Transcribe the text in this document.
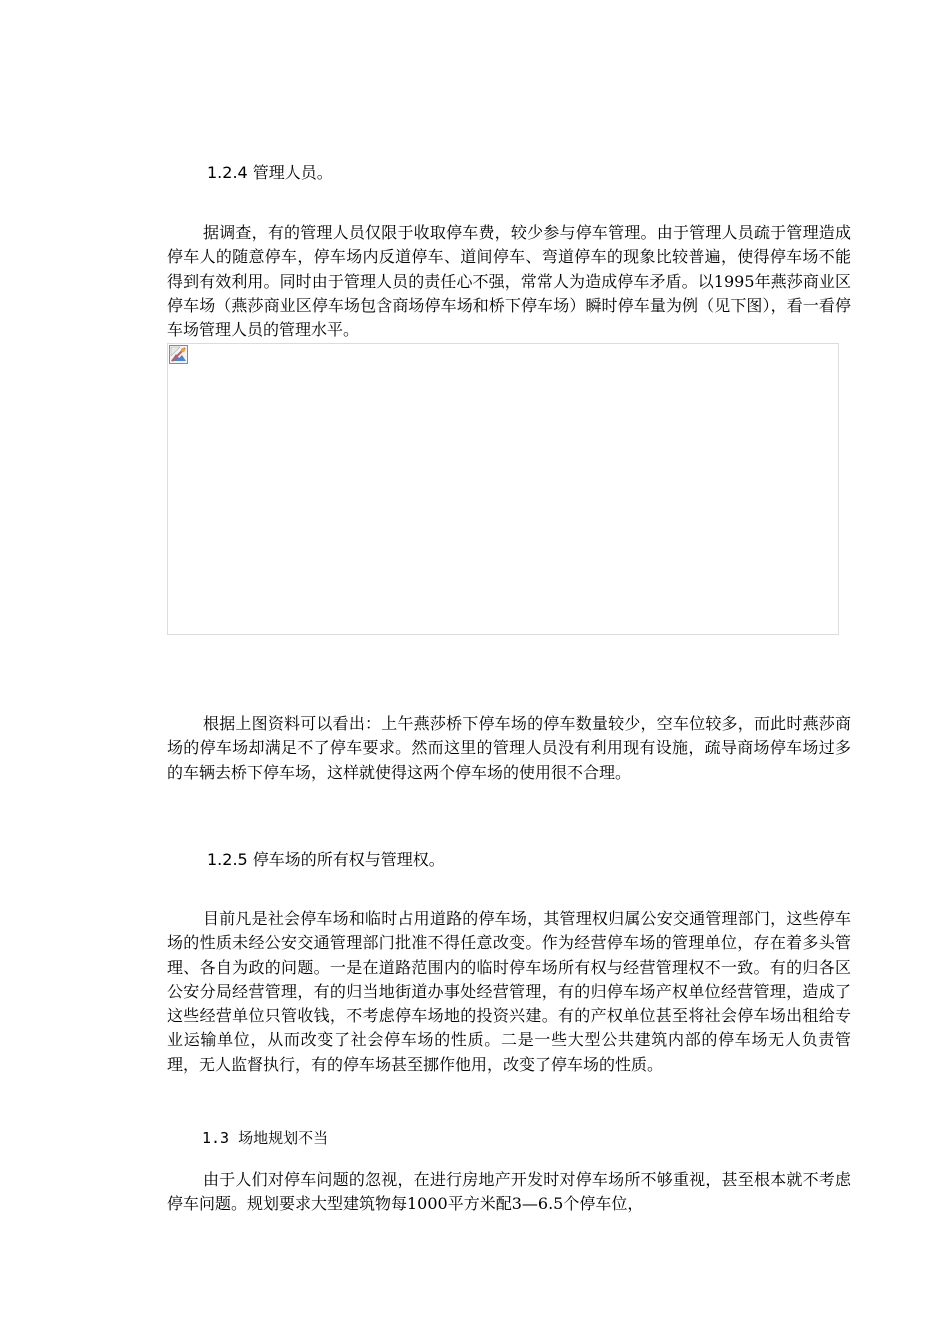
1.2.4 管理人员。
据调查，有的管理人员仅限于收取停车费，较少参与停车管理。由于管理人员疏于管理造成停车人的随意停车，停车场内反道停车、道间停车、弯道停车的现象比较普遍，使得停车场不能得到有效利用。同时由于管理人员的责任心不强，常常人为造成停车矛盾。以1995年燕莎商业区停车场（燕莎商业区停车场包含商场停车场和桥下停车场）瞬时停车量为例（见下图），看一看停车场管理人员的管理水平。
根据上图资料可以看出：上午燕莎桥下停车场的停车数量较少，空车位较多，而此时燕莎商场的停车场却满足不了停车要求。然而这里的管理人员没有利用现有设施，疏导商场停车场过多的车辆去桥下停车场，这样就使得这两个停车场的使用很不合理。
1.2.5 停车场的所有权与管理权。
目前凡是社会停车场和临时占用道路的停车场，其管理权归属公安交通管理部门，这些停车场的性质未经公安交通管理部门批准不得任意改变。作为经营停车场的管理单位，存在着多头管理、各自为政的问题。一是在道路范围内的临时停车场所有权与经营管理权不一致。有的归各区公安分局经营管理，有的归当地街道办事处经营管理，有的归停车场产权单位经营管理，造成了这些经营单位只管收钱，不考虑停车场地的投资兴建。有的产权单位甚至将社会停车场出租给专业运输单位，从而改变了社会停车场的性质。二是一些大型公共建筑内部的停车场无人负责管理，无人监督执行，有的停车场甚至挪作他用，改变了停车场的性质。
1.3 场地规划不当
由于人们对停车问题的忽视，在进行房地产开发时对停车场所不够重视，甚至根本就不考虑停车问题。规划要求大型建筑物每1000平方米配3—6.5个停车位，
